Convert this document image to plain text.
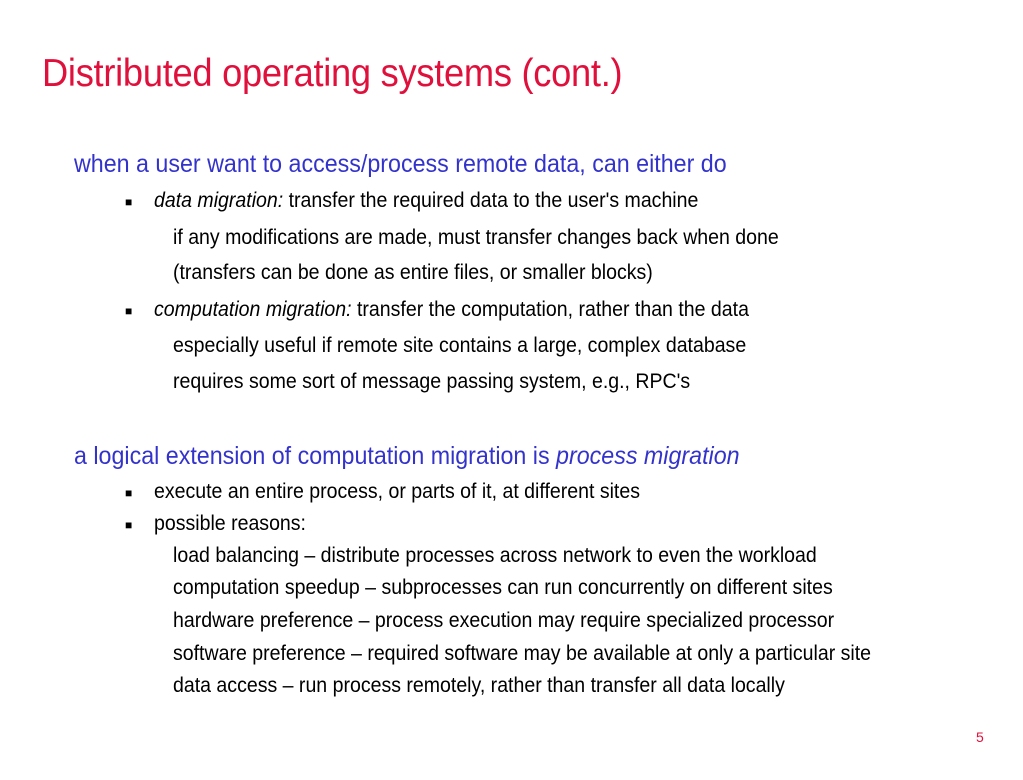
Distributed operating systems (cont.)
when a user want to access/process remote data, can either do
■ data migration: transfer the required data to the user's machine
if any modifications are made, must transfer changes back when done
(transfers can be done as entire files, or smaller blocks)
■ computation migration: transfer the computation, rather than the data
especially useful if remote site contains a large, complex database
requires some sort of message passing system, e.g., RPC's
a logical extension of computation migration is process migration
■ execute an entire process, or parts of it, at different sites
■ possible reasons:
load balancing – distribute processes across network to even the workload
computation speedup – subprocesses can run concurrently on different sites
hardware preference – process execution may require specialized processor
software preference – required software may be available at only a particular site
data access – run process remotely, rather than transfer all data locally
5
